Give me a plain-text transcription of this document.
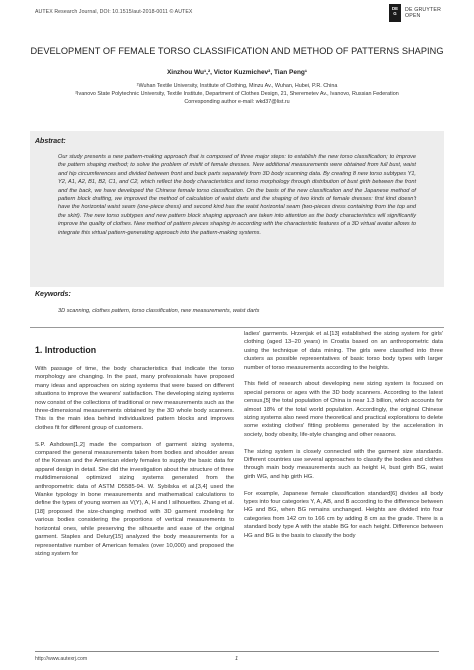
AUTEX Research Journal, DOI: 10.1515/aut-2018-0011 © AUTEX
DE
G
DE GRUYTER
OPEN
DEVELOPMENT OF FEMALE TORSO CLASSIFICATION AND METHOD OF PATTERNS SHAPING
Xinzhou Wu¹,², Victor Kuzmichev², Tian Peng¹
¹Wuhan Textile University, Institute of Clothing, Minzu Av., Wuhan, Hubei, P.R. China
²Ivanovo State Polytechnic University, Textile Institute, Department of Clothes Design, 21, Sheremetev Av., Ivanovo, Russian Federation
Corresponding author e-mail: wkd37@list.ru
Abstract:
Our study presents a new pattern-making approach that is composed of three major steps: to establish the new torso classification; to improve the pattern shaping method; to solve the problem of misfit of female dresses. New additional measurements were obtained from full bust, waist and hip circumferences and divided between front and back parts separately from 3D body scanning data. By creating 8 new torso subtypes Y1, Y2, A1, A2, B1, B2, C1, and C2, which reflect the body characteristics and torso morphology through distribution of bust girth between the front and the back, we have developed the Chinese female torso classification. On the basis of the new classification and the Japanese method of pattern block drafting, we improved the method of calculation of waist darts and the shaping of two kinds of female dresses: first kind doesn't have the horizontal waist seam (one-piece dress) and second kind has the waist horizontal seam (two-pieces dress containing from the top and the skirt). The new torso subtypes and new pattern block shaping approach are taken into attention as the body characteristics will significantly improve the quality of clothes. New method of pattern pieces shaping in according with the characteristic features of a 3D virtual avatar allows to integrate this virtual pattern-generating approach into the pattern-making systems.
Keywords:
3D scanning, clothes pattern, torso classification, new measurements, waist darts
1. Introduction

With passage of time, the body characteristics that indicate the torso morphology are changing. In the past, many professionals have proposed many ideas and approaches on sizing systems that were based on different situations to improve the wearers' satisfaction. The developing sizing systems now consist of the collections of traditional or new measurements such as the three-dimensional measurements obtained by the 3D whole body scanners. This is the main idea behind individualized pattern blocks and improves clothes fit for different group of customers.

S.P. Ashdown[1,2] made the comparison of garment sizing systems, compared the general measurements taken from bodies and shoulder areas of the Korean and the American elderly females to supply the basic data for apparel design in detail. She did the investigation about the structure of three multidimensional optimized sizing systems generated from the anthropometric data of ASTM D5585-94. W. Sybilska et al.[3,4] used the Wanke typology in bone measurements and mathematical calculations to define the types of young women as V(Y), A, H and I silhouettes. Zhang et al.[18] proposed the size-changing method with 3D garment modeling for various bodies considering the proportions of vertical measurements to horizontal ones, while preserving the silhouette and ease of the original garment. Staples and Delury[15] analyzed the body measurements for a representative number of American females (over 10,000) and proposed the sizing system for

ladies' garments. Hrzenjak et al.[13] established the sizing system for girls' clothing (aged 13–20 years) in Croatia based on an anthropometric data using the technique of data mining. The girls were classified into three clusters as possible representatives of basic torso body types with larger number of torso measurements according to the heights.

This field of research about developing new sizing system is focused on special persons or ages with the 3D body scanners. According to the latest census,[5] the total population of China is near 1.3 billion, which accounts for almost 18% of the total world population. Accordingly, the original Chinese sizing systems also need more theoretical and practical explorations to delete some existing clothes' fitting problems generated by the acceleration in society, body obesity, life-style changing and other reasons.

The sizing system is closely connected with the garment size standards. Different countries use several approaches to classify the bodies and clothes through main body measurements such as height H, bust girth BG, waist girth WG, and hip girth HG.

For example, Japanese female classification standard[6] divides all body types into four categories Y, A, AB, and B according to the difference between HG and BG, when BG remains unchanged. Heights are divided into four categories from 142 cm to 166 cm by adding 8 cm as the grade. There is a standard body type A with the stable BG for each height. Difference between HG and BG is the basis to classify the body

http://www.autexrj.com	1
